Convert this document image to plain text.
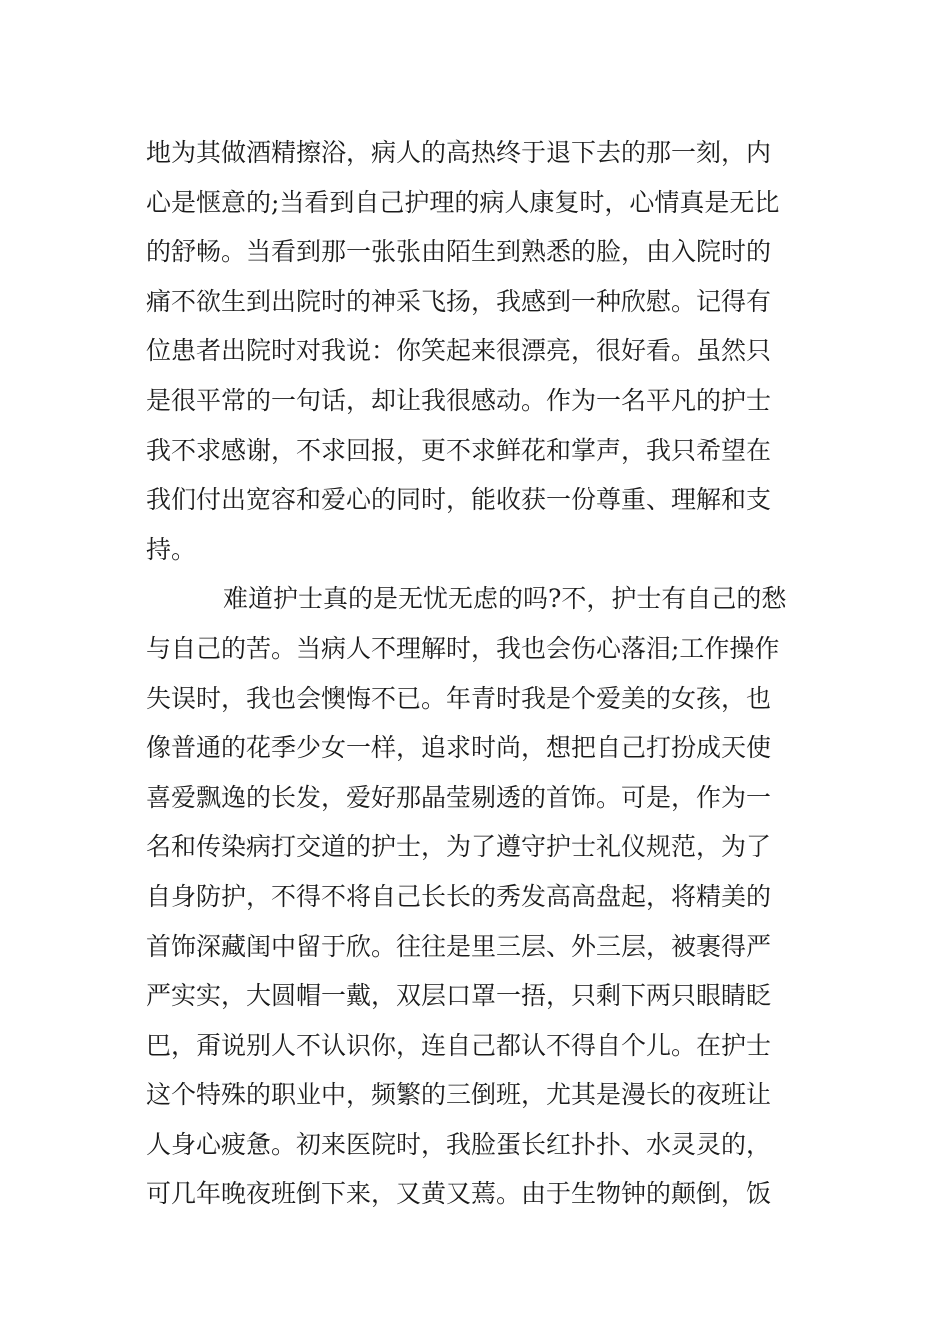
地为其做酒精擦浴，病人的高热终于退下去的那一刻，内
心是惬意的;当看到自己护理的病人康复时，心情真是无比
的舒畅。当看到那一张张由陌生到熟悉的脸，由入院时的
痛不欲生到出院时的神采飞扬，我感到一种欣慰。记得有
位患者出院时对我说：你笑起来很漂亮，很好看。虽然只
是很平常的一句话，却让我很感动。作为一名平凡的护士
我不求感谢，不求回报，更不求鲜花和掌声，我只希望在
我们付出宽容和爱心的同时，能收获一份尊重、理解和支
持。
难道护士真的是无忧无虑的吗?不，护士有自己的愁
与自己的苦。当病人不理解时，我也会伤心落泪;工作操作
失误时，我也会懊悔不已。年青时我是个爱美的女孩，也
像普通的花季少女一样，追求时尚，想把自己打扮成天使
喜爱飘逸的长发，爱好那晶莹剔透的首饰。可是，作为一
名和传染病打交道的护士，为了遵守护士礼仪规范，为了
自身防护，不得不将自己长长的秀发高高盘起，将精美的
首饰深藏闺中留于欣。往往是里三层、外三层，被裹得严
严实实，大圆帽一戴，双层口罩一捂，只剩下两只眼睛眨
巴，甭说别人不认识你，连自己都认不得自个儿。在护士
这个特殊的职业中，频繁的三倒班，尤其是漫长的夜班让
人身心疲惫。初来医院时，我脸蛋长红扑扑、水灵灵的，
可几年晚夜班倒下来，又黄又蔫。由于生物钟的颠倒，饭
